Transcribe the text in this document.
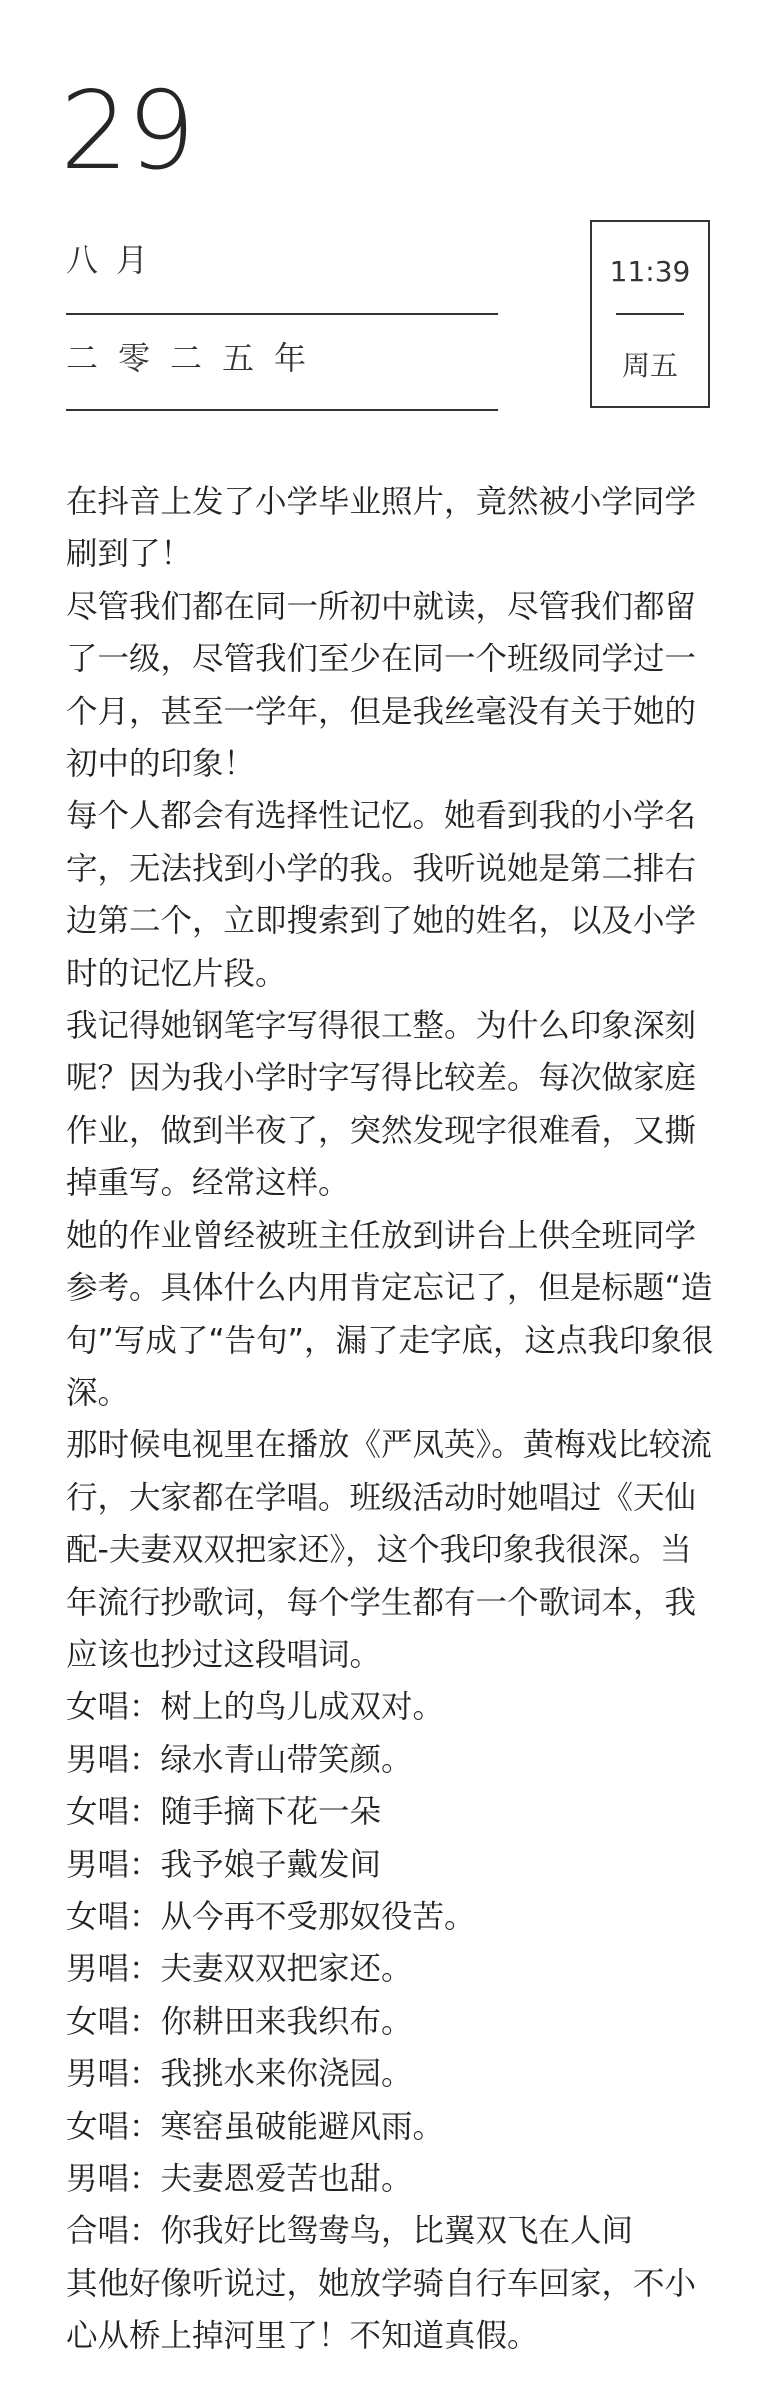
29
八月
二零二五年
11:39
周五

在抖音上发了小学毕业照片，竟然被小学同学刷到了！

尽管我们都在同一所初中就读，尽管我们都留了一级，尽管我们至少在同一个班级同学过一个月，甚至一学年，但是我丝毫没有关于她的初中的印象！

每个人都会有选择性记忆。她看到我的小学名字，无法找到小学的我。我听说她是第二排右边第二个，立即搜索到了她的姓名，以及小学时的记忆片段。

我记得她钢笔字写得很工整。为什么印象深刻呢？因为我小学时字写得比较差。每次做家庭作业，做到半夜了，突然发现字很难看，又撕掉重写。经常这样。

她的作业曾经被班主任放到讲台上供全班同学参考。具体什么内用肯定忘记了，但是标题“造句”写成了“告句”，漏了走字底，这点我印象很深。

那时候电视里在播放《严凤英》。黄梅戏比较流行，大家都在学唱。班级活动时她唱过《天仙配-夫妻双双把家还》，这个我印象我很深。当年流行抄歌词，每个学生都有一个歌词本，我应该也抄过这段唱词。

女唱：树上的鸟儿成双对。

男唱：绿水青山带笑颜。

女唱：随手摘下花一朵

男唱：我予娘子戴发间

女唱：从今再不受那奴役苦。

男唱：夫妻双双把家还。

女唱：你耕田来我织布。

男唱：我挑水来你浇园。

女唱：寒窑虽破能避风雨。

男唱：夫妻恩爱苦也甜。

合唱：你我好比鸳鸯鸟，比翼双飞在人间

其他好像听说过，她放学骑自行车回家，不小心从桥上掉河里了！不知道真假。
